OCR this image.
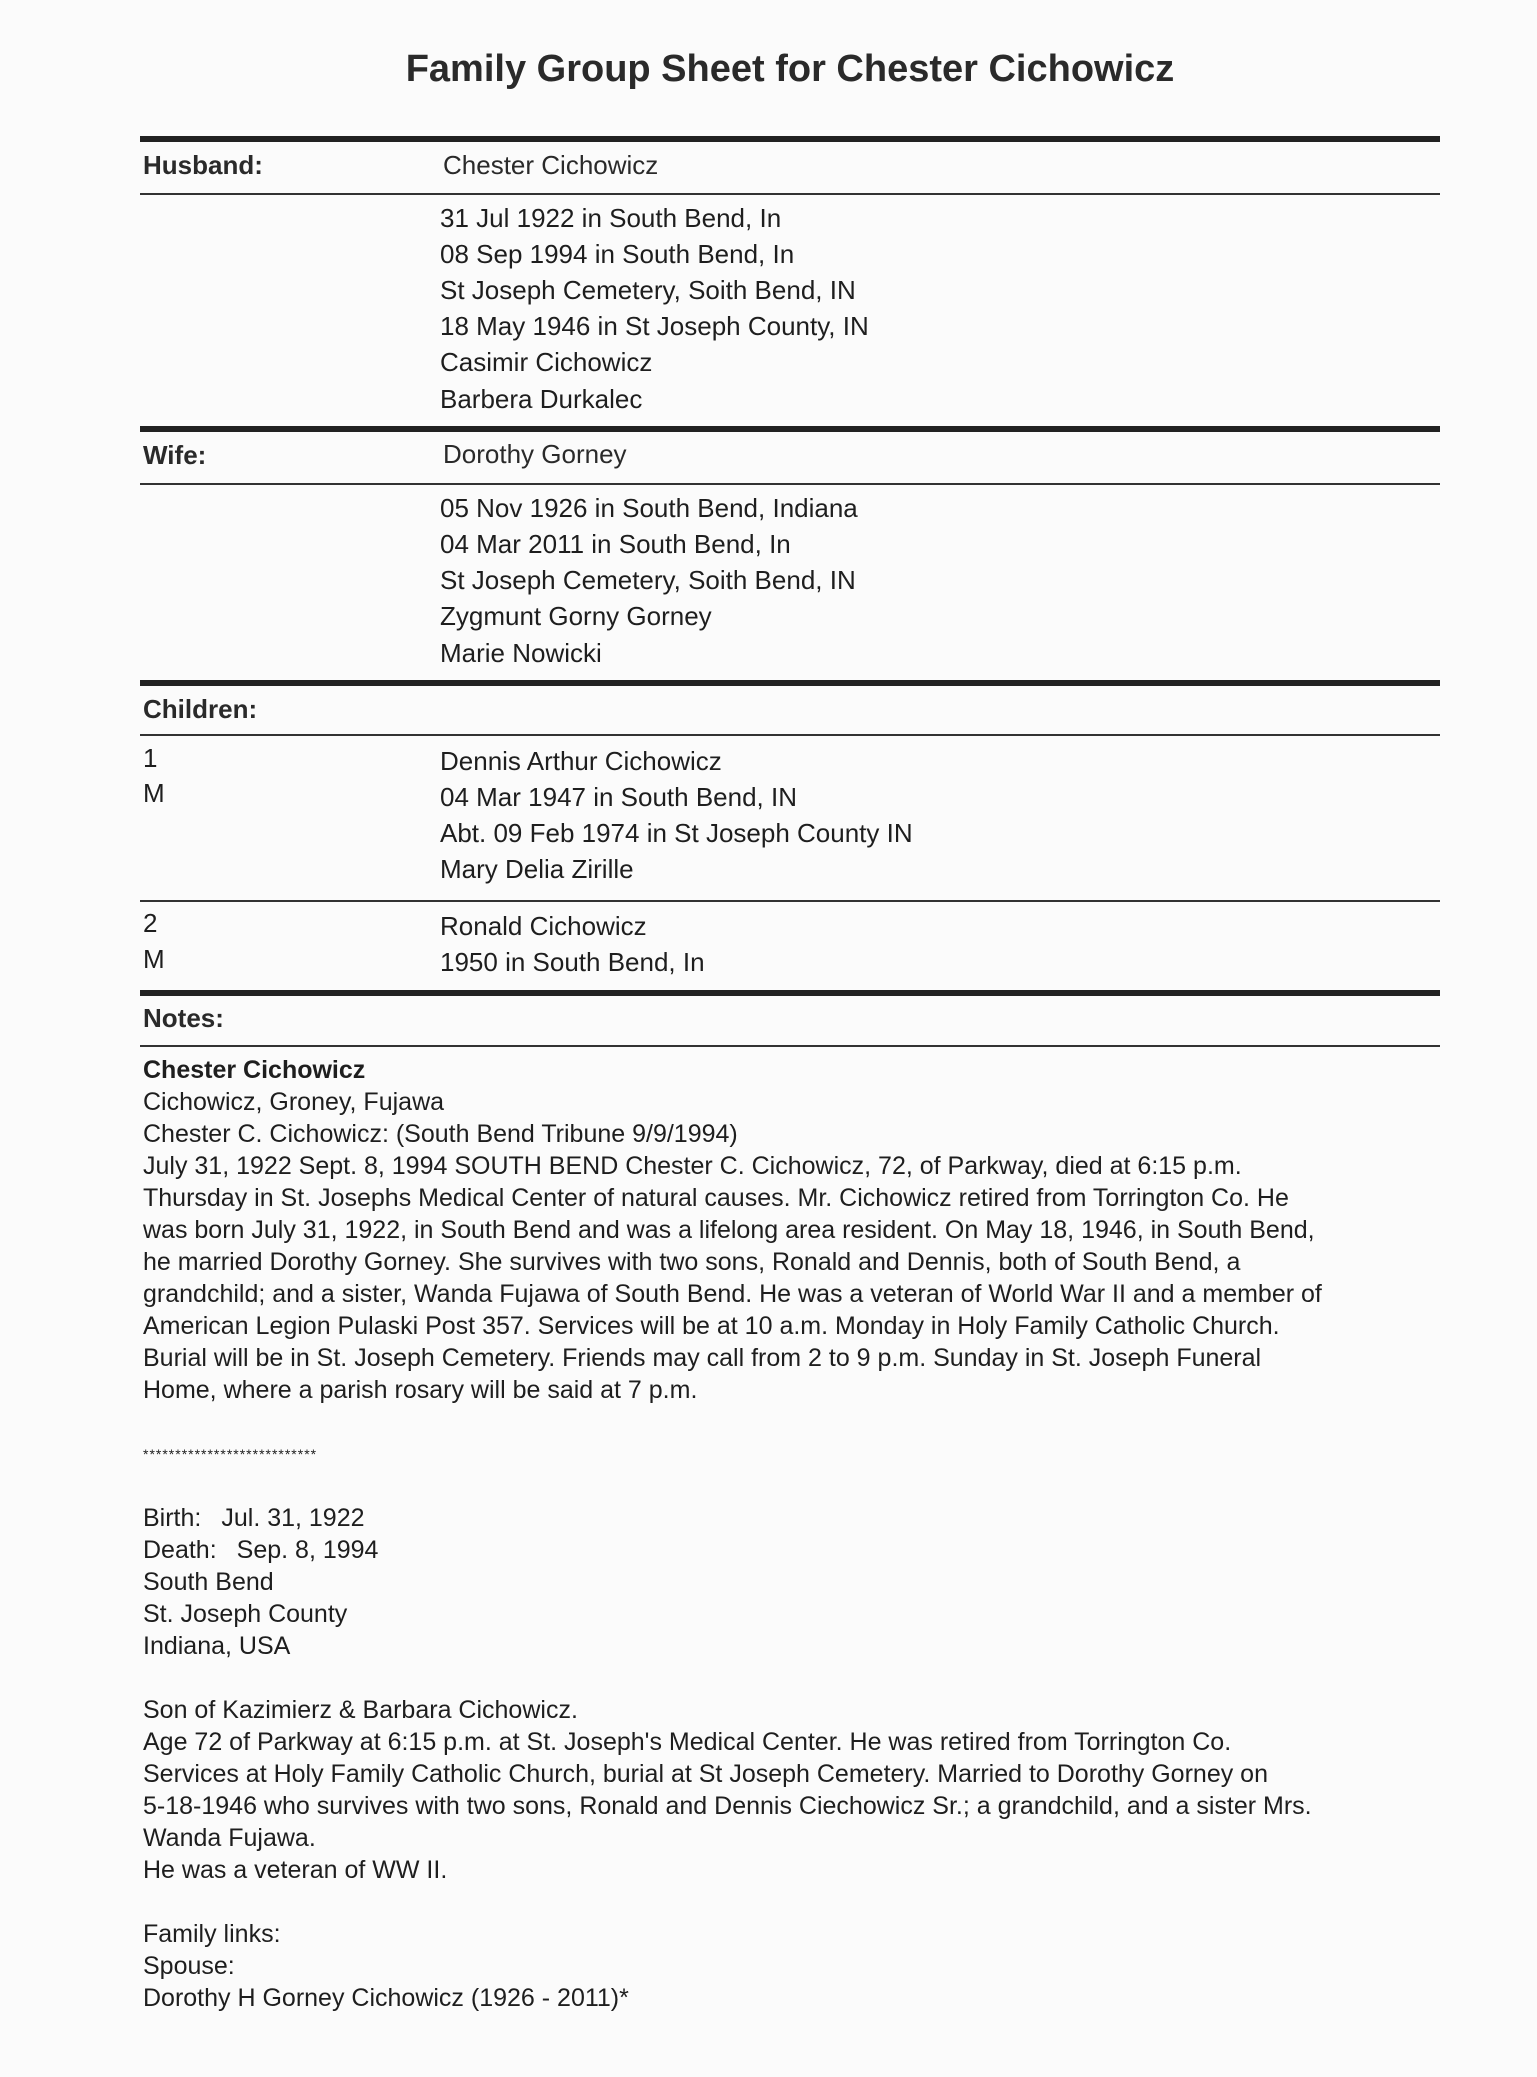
Family Group Sheet for Chester Cichowicz
Husband:	Chester Cichowicz
31 Jul 1922 in South Bend, In
08 Sep 1994 in South Bend, In
St Joseph Cemetery, Soith Bend, IN
18 May 1946 in St Joseph County, IN
Casimir Cichowicz
Barbera Durkalec
Wife:	Dorothy Gorney
05 Nov 1926 in South Bend, Indiana
04 Mar 2011 in South Bend, In
St Joseph Cemetery, Soith Bend, IN
Zygmunt Gorny Gorney
Marie Nowicki
Children:
1
M
Dennis Arthur Cichowicz
04 Mar 1947 in South Bend, IN
Abt. 09 Feb 1974 in St Joseph County IN
Mary Delia Zirille
2
M
Ronald Cichowicz
1950 in South Bend, In
Notes:

Chester Cichowicz

Cichowicz, Groney, Fujawa

Chester C. Cichowicz: (South Bend Tribune 9/9/1994)

July 31, 1922 Sept. 8, 1994 SOUTH BEND Chester C. Cichowicz, 72, of Parkway, died at 6:15 p.m.

Thursday in St. Josephs Medical Center of natural causes. Mr. Cichowicz retired from Torrington Co. He

was born July 31, 1922, in South Bend and was a lifelong area resident. On May 18, 1946, in South Bend,

he married Dorothy Gorney. She survives with two sons, Ronald and Dennis, both of South Bend, a

grandchild; and a sister, Wanda Fujawa of South Bend. He was a veteran of World War II and a member of

American Legion Pulaski Post 357. Services will be at 10 a.m. Monday in Holy Family Catholic Church.

Burial will be in St. Joseph Cemetery. Friends may call from 2 to 9 p.m. Sunday in St. Joseph Funeral

Home, where a parish rosary will be said at 7 p.m.

***************************

Birth: Jul. 31, 1922

Death: Sep. 8, 1994

South Bend

St. Joseph County

Indiana, USA

Son of Kazimierz & Barbara Cichowicz.

Age 72 of Parkway at 6:15 p.m. at St. Joseph's Medical Center. He was retired from Torrington Co.

Services at Holy Family Catholic Church, burial at St Joseph Cemetery. Married to Dorothy Gorney on

5-18-1946 who survives with two sons, Ronald and Dennis Ciechowicz Sr.; a grandchild, and a sister Mrs.

Wanda Fujawa.

He was a veteran of WW II.

Family links:

Spouse:

Dorothy H Gorney Cichowicz (1926 - 2011)*
